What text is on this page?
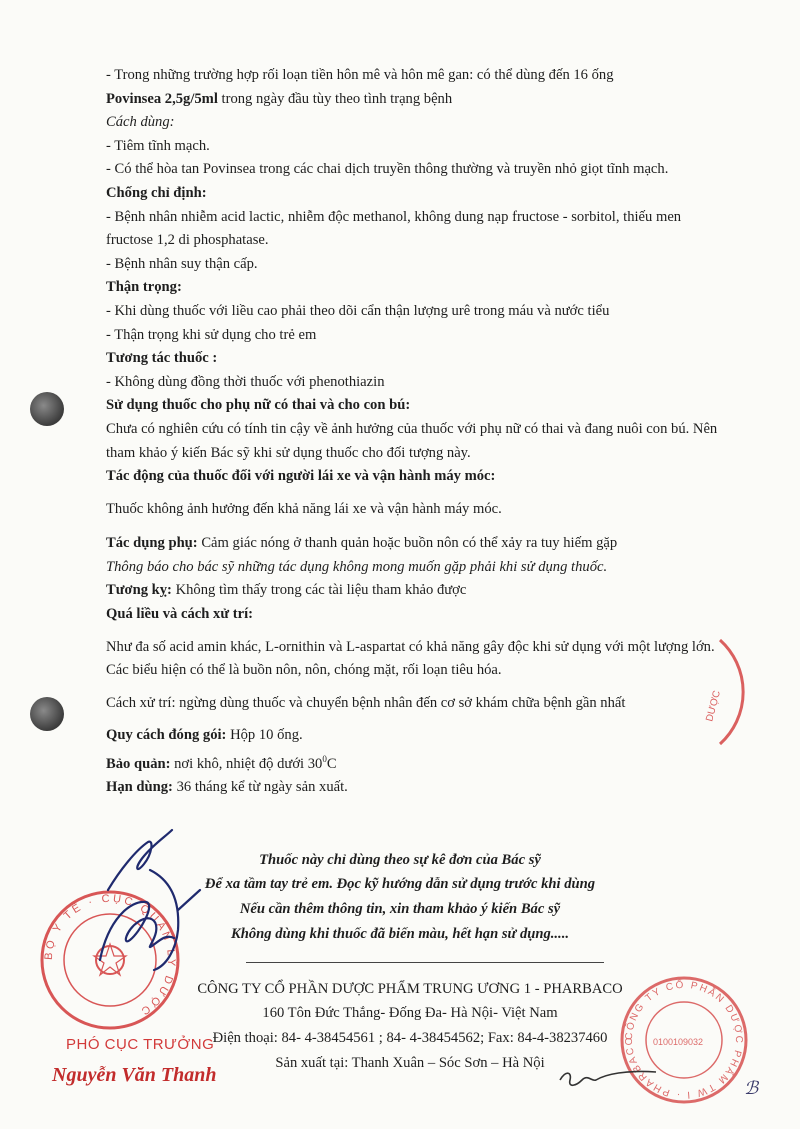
- Trong những trường hợp rối loạn tiền hôn mê và hôn mê gan: có thể dùng đến 16 ống

Povinsea 2,5g/5ml trong ngày đầu tùy theo tình trạng bệnh

Cách dùng:

- Tiêm tĩnh mạch.

- Có thể hòa tan Povinsea trong các chai dịch truyền thông thường và truyền nhỏ giọt tĩnh mạch.

Chống chỉ định:

- Bệnh nhân nhiễm acid lactic, nhiễm độc methanol, không dung nạp fructose - sorbitol, thiếu men fructose 1,2 di phosphatase.

- Bệnh nhân suy thận cấp.

Thận trọng:

- Khi dùng thuốc với liều cao phải theo dõi cẩn thận lượng urê trong máu và nước tiểu

- Thận trọng khi sử dụng cho trẻ em

Tương tác thuốc :

- Không dùng đồng thời thuốc với phenothiazin

Sử dụng thuốc cho phụ nữ có thai và cho con bú:

Chưa có nghiên cứu có tính tin cậy về ảnh hưởng của thuốc với phụ nữ có thai và đang nuôi con bú. Nên tham khảo ý kiến Bác sỹ khi sử dụng thuốc cho đối tượng này.

Tác động của thuốc đối với người lái xe và vận hành máy móc:

Thuốc không ảnh hưởng đến khả năng lái xe và vận hành máy móc.

Tác dụng phụ: Cảm giác nóng ở thanh quản hoặc buồn nôn có thể xảy ra tuy hiếm gặp

Thông báo cho bác sỹ những tác dụng không mong muốn gặp phải khi sử dụng thuốc.

Tương kỵ: Không tìm thấy trong các tài liệu tham khảo được

Quá liều và cách xử trí:

Như đa số acid amin khác, L-ornithin và L-aspartat có khả năng gây độc khi sử dụng với một lượng lớn. Các biểu hiện có thể là buồn nôn, nôn, chóng mặt, rối loạn tiêu hóa.

Cách xử trí: ngừng dùng thuốc và chuyển bệnh nhân đến cơ sở khám chữa bệnh gần nhất

Quy cách đóng gói: Hộp 10 ống.

Bảo quản: nơi khô, nhiệt độ dưới $30^0C$

Hạn dùng: 36 tháng kể từ ngày sản xuất.

Thuốc này chỉ dùng theo sự kê đơn của Bác sỹ
Để xa tầm tay trẻ em. Đọc kỹ hướng dẫn sử dụng trước khi dùng
Nếu cần thêm thông tin, xin tham khảo ý kiến Bác sỹ
Không dùng khi thuốc đã biến màu, hết hạn sử dụng.....
CÔNG TY CỔ PHẦN DƯỢC PHẨM TRUNG ƯƠNG 1 - PHARBACO
160 Tôn Đức Thắng- Đống Đa- Hà Nội- Việt Nam
Điện thoại: 84- 4-38454561 ; 84- 4-38454562; Fax: 84-4-38237460
Sản xuất tại: Thanh Xuân – Sóc Sơn – Hà Nội
PHÓ CỤC TRƯỞNG
Nguyễn Văn Thanh
BỘ Y TẾ · CỤC QUẢN LÝ DƯỢC
CÔNG TY CỔ PHẦN DƯỢC PHẨM TW I · PHARBACO	0100109032
DƯỢC
ℬ
